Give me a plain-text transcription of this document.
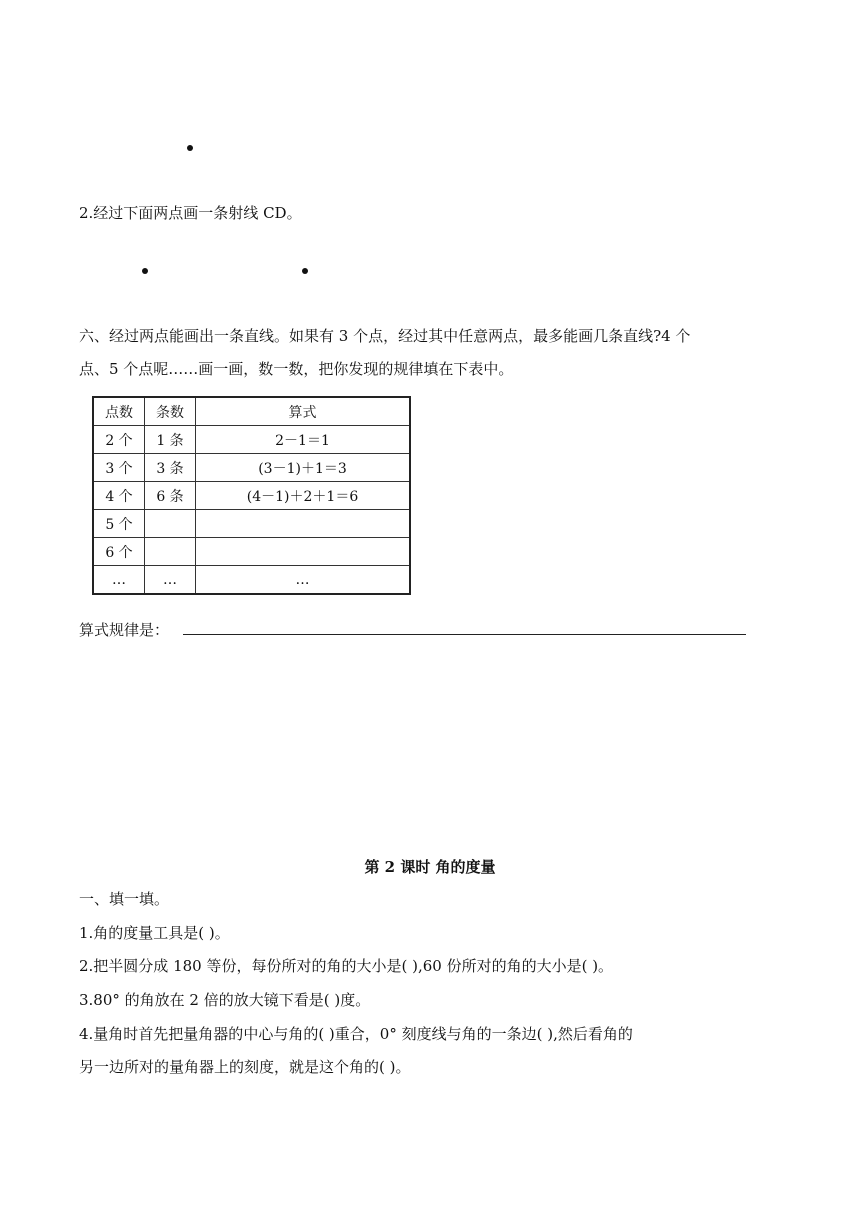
2.经过下面两点画一条射线 CD。
六、经过两点能画出一条直线。如果有 3 个点，经过其中任意两点，最多能画几条直线?4 个
点、5 个点呢……画一画，数一数，把你发现的规律填在下表中。
点数	条数	算式
2 个	1 条	2－1＝1
3 个	3 条	(3－1)＋1＝3
4 个	6 条	(4－1)＋2＋1＝6
5 个		
6 个		
…	…	…
算式规律是：
第 2 课时 角的度量
一、填一填。
1.角的度量工具是( )。
2.把半圆分成 180 等份，每份所对的角的大小是( ),60 份所对的角的大小是( )。
3.80° 的角放在 2 倍的放大镜下看是( )度。
4.量角时首先把量角器的中心与角的( )重合，0° 刻度线与角的一条边( ),然后看角的
另一边所对的量角器上的刻度，就是这个角的( )。
